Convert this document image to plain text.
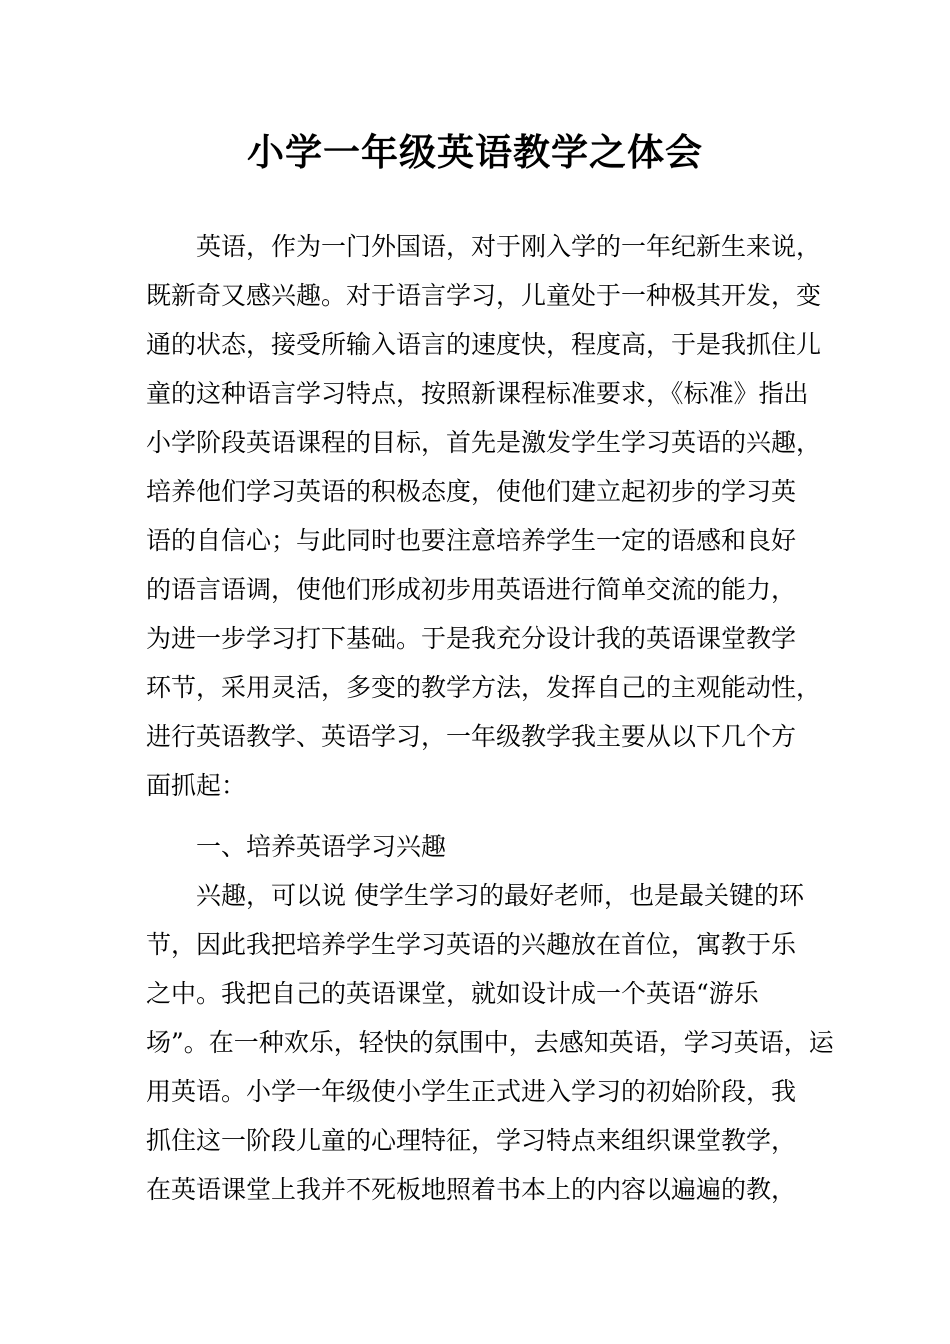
小学一年级英语教学之体会

英语，作为一门外国语，对于刚入学的一年纪新生来说，

既新奇又感兴趣。对于语言学习，儿童处于一种极其开发，变

通的状态，接受所输入语言的速度快，程度高，于是我抓住儿

童的这种语言学习特点，按照新课程标准要求，《标准》指出

小学阶段英语课程的目标，首先是激发学生学习英语的兴趣，

培养他们学习英语的积极态度，使他们建立起初步的学习英

语的自信心；与此同时也要注意培养学生一定的语感和良好

的语言语调，使他们形成初步用英语进行简单交流的能力，

为进一步学习打下基础。于是我充分设计我的英语课堂教学

环节，采用灵活，多变的教学方法，发挥自己的主观能动性，

进行英语教学、英语学习，一年级教学我主要从以下几个方

面抓起：

一、培养英语学习兴趣

兴趣，可以说 使学生学习的最好老师，也是最关键的环

节，因此我把培养学生学习英语的兴趣放在首位，寓教于乐

之中。我把自己的英语课堂，就如设计成一个英语“游乐

场”。在一种欢乐，轻快的氛围中，去感知英语，学习英语，运

用英语。小学一年级使小学生正式进入学习的初始阶段，我

抓住这一阶段儿童的心理特征，学习特点来组织课堂教学，

在英语课堂上我并不死板地照着书本上的内容以遍遍的教，
